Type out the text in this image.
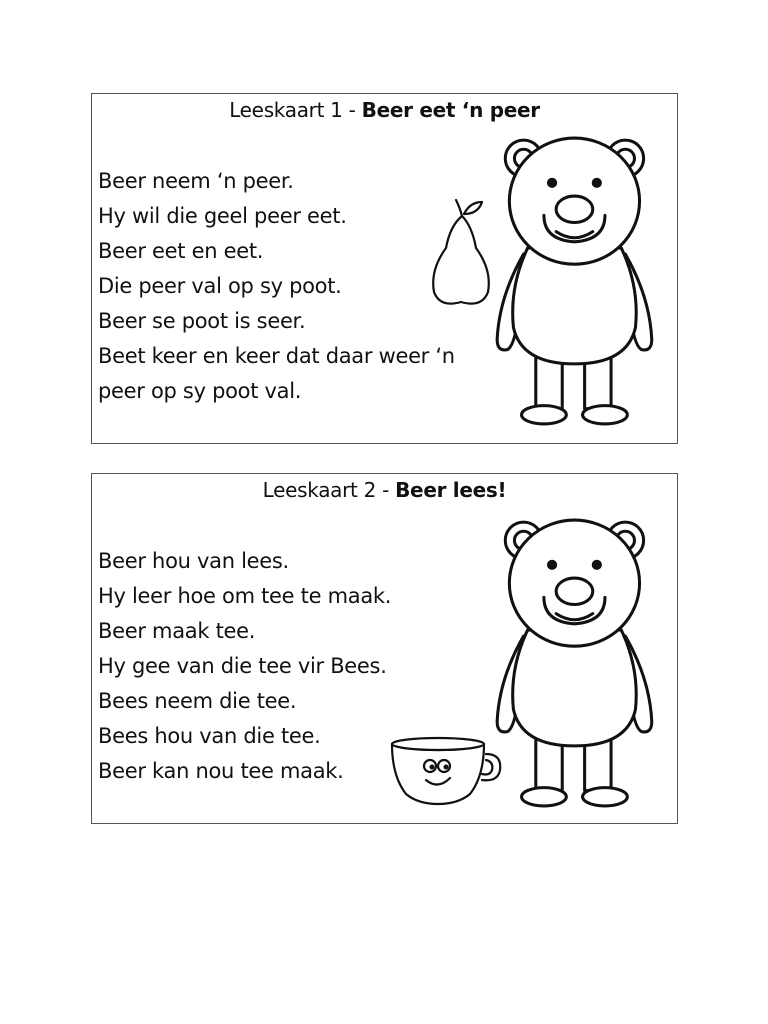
Leeskaart 1 - Beer eet ‘n peer
Beer neem ‘n peer.
Hy wil die geel peer eet.
Beer eet en eet.
Die peer val op sy poot.
Beer se poot is seer.
Beet keer en keer dat daar weer ‘n
peer op sy poot val.
Leeskaart 2 - Beer lees!
Beer hou van lees.
Hy leer hoe om tee te maak.
Beer maak tee.
Hy gee van die tee vir Bees.
Bees neem die tee.
Bees hou van die tee.
Beer kan nou tee maak.
